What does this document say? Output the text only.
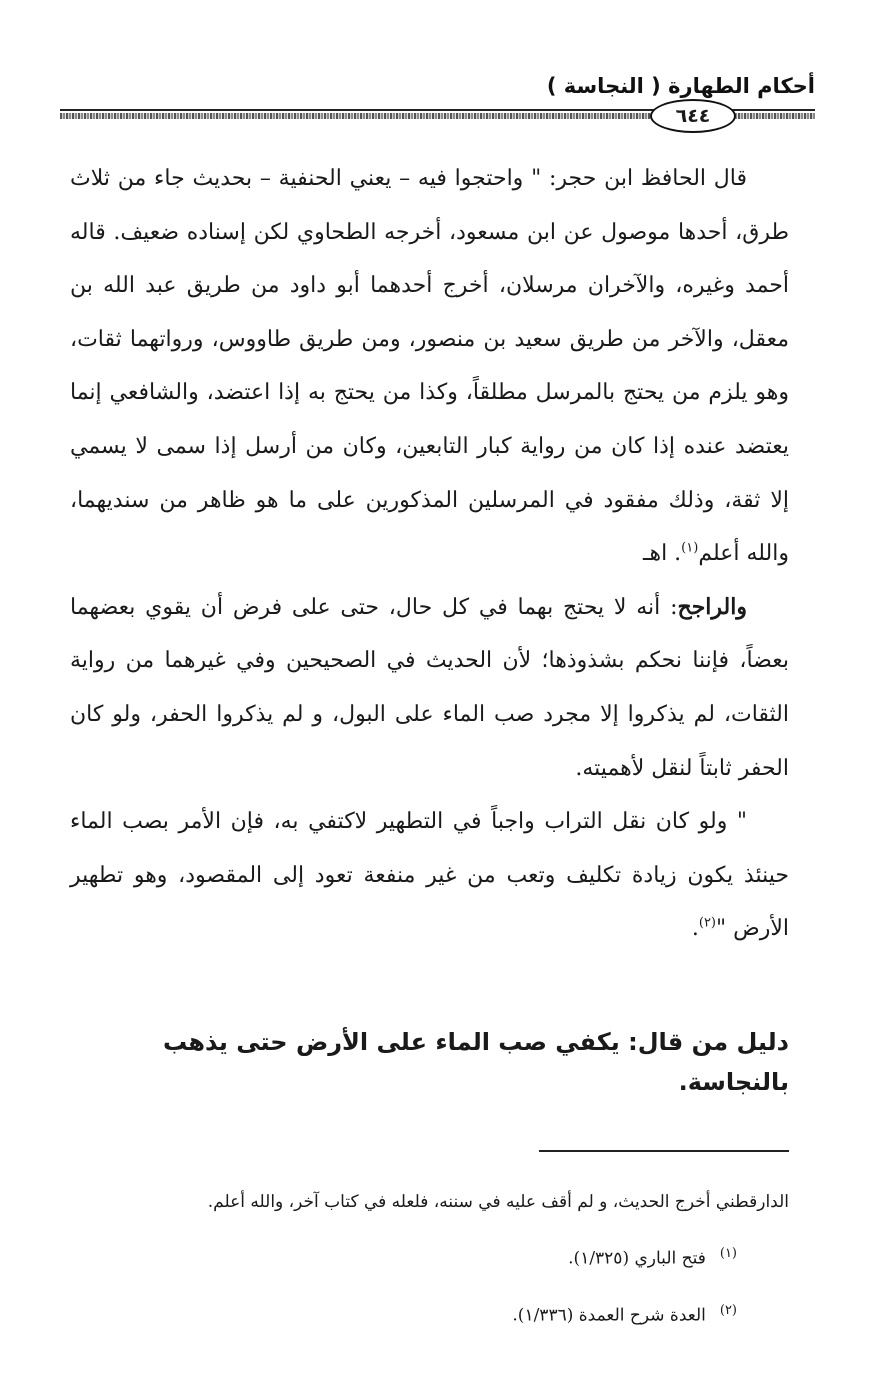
أحكام الطهارة ( النجاسة )
٦٤٤

قال الحافظ ابن حجر: " واحتجوا فيه – يعني الحنفية – بحديث جاء من ثلاث طرق، أحدها موصول عن ابن مسعود، أخرجه الطحاوي لكن إسناده ضعيف. قاله أحمد وغيره، والآخران مرسلان، أخرج أحدهما أبو داود من طريق عبد الله بن معقل، والآخر من طريق سعيد بن منصور، ومن طريق طاووس، ورواتهما ثقات، وهو يلزم من يحتج بالمرسل مطلقاً، وكذا من يحتج به إذا اعتضد، والشافعي إنما يعتضد عنده إذا كان من رواية كبار التابعين، وكان من أرسل إذا سمى لا يسمي إلا ثقة، وذلك مفقود في المرسلين المذكورين على ما هو ظاهر من سنديهما، والله أعلم$^{(١)}$. اهـ

والراجح: أنه لا يحتج بهما في كل حال، حتى على فرض أن يقوي بعضهما بعضاً، فإننا نحكم بشذوذها؛ لأن الحديث في الصحيحين وفي غيرهما من رواية الثقات، لم يذكروا إلا مجرد صب الماء على البول، و لم يذكروا الحفر، ولو كان الحفر ثابتاً لنقل لأهميته.

" ولو كان نقل التراب واجباً في التطهير لاكتفي به، فإن الأمر بصب الماء حينئذ يكون زيادة تكليف وتعب من غير منفعة تعود إلى المقصود، وهو تطهير الأرض "$^{(٢)}$.

دليل من قال: يكفي صب الماء على الأرض حتى يذهب بالنجاسة.

الدارقطني أخرج الحديث، و لم أقف عليه في سننه، فلعله في كتاب آخر، والله أعلم.

$^{(١)}$فتح الباري (١/٣٢٥).

$^{(٢)}$العدة شرح العمدة (١/٣٣٦).
